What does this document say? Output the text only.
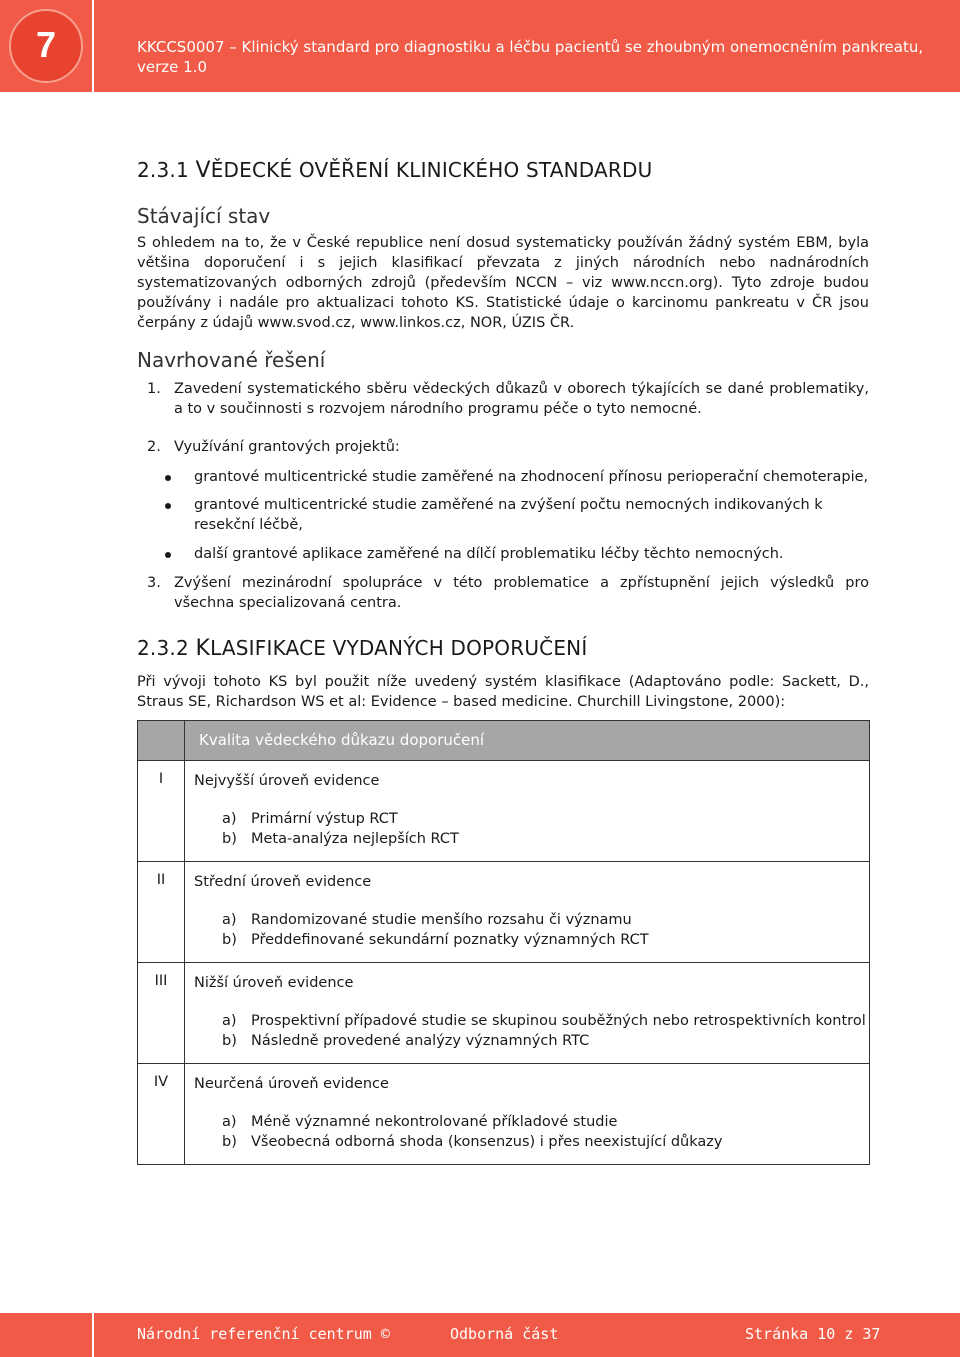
7	KKCCS0007 – Klinický standard pro diagnostiku a léčbu pacientů se zhoubným onemocněním pankreatu, verze 1.0
2.3.1 VĚDECKÉ OVĚŘENÍ KLINICKÉHO STANDARDU
Stávající stav
S ohledem na to, že v České republice není dosud systematicky používán žádný systém EBM, byla většina doporučení i s jejich klasifikací převzata z jiných národních nebo nadnárodních systematizovaných odborných zdrojů (především NCCN – viz www.nccn.org). Tyto zdroje budou používány i nadále pro aktualizaci tohoto KS. Statistické údaje o karcinomu pankreatu v ČR jsou čerpány z údajů www.svod.cz, www.linkos.cz, NOR, ÚZIS ČR.
Navrhované řešení
1. Zavedení systematického sběru vědeckých důkazů v oborech týkajících se dané problematiky, a to v součinnosti s rozvojem národního programu péče o tyto nemocné.
2. Využívání grantových projektů:
grantové multicentrické studie zaměřené na zhodnocení přínosu perioperační chemoterapie,
grantové multicentrické studie zaměřené na zvýšení počtu nemocných indikovaných k resekční léčbě,
další grantové aplikace zaměřené na dílčí problematiku léčby těchto nemocných.
3. Zvýšení mezinárodní spolupráce v této problematice a zpřístupnění jejich výsledků pro všechna specializovaná centra.
2.3.2 KLASIFIKACE VYDANÝCH DOPORUČENÍ
Při vývoji tohoto KS byl použit níže uvedený systém klasifikace (Adaptováno podle: Sackett, D., Straus SE, Richardson WS et al: Evidence – based medicine. Churchill Livingstone, 2000):
	Kvalita vědeckého důkazu doporučení
I	Nejvyšší úroveň evidence
a) Primární výstup RCT
b) Meta-analýza nejlepších RCT

II	Střední úroveň evidence
a) Randomizované studie menšího rozsahu či významu
b) Předdefinované sekundární poznatky významných RCT

III	Nižší úroveň evidence
a) Prospektivní případové studie se skupinou souběžných nebo retrospektivních kontrol
b) Následně provedené analýzy významných RTC

IV	Neurčená úroveň evidence
a) Méně významné nekontrolované příkladové studie
b) Všeobecná odborná shoda (konsenzus) i přes neexistující důkazy
Národní referenční centrum ©	Odborná část	Stránka 10 z 37
